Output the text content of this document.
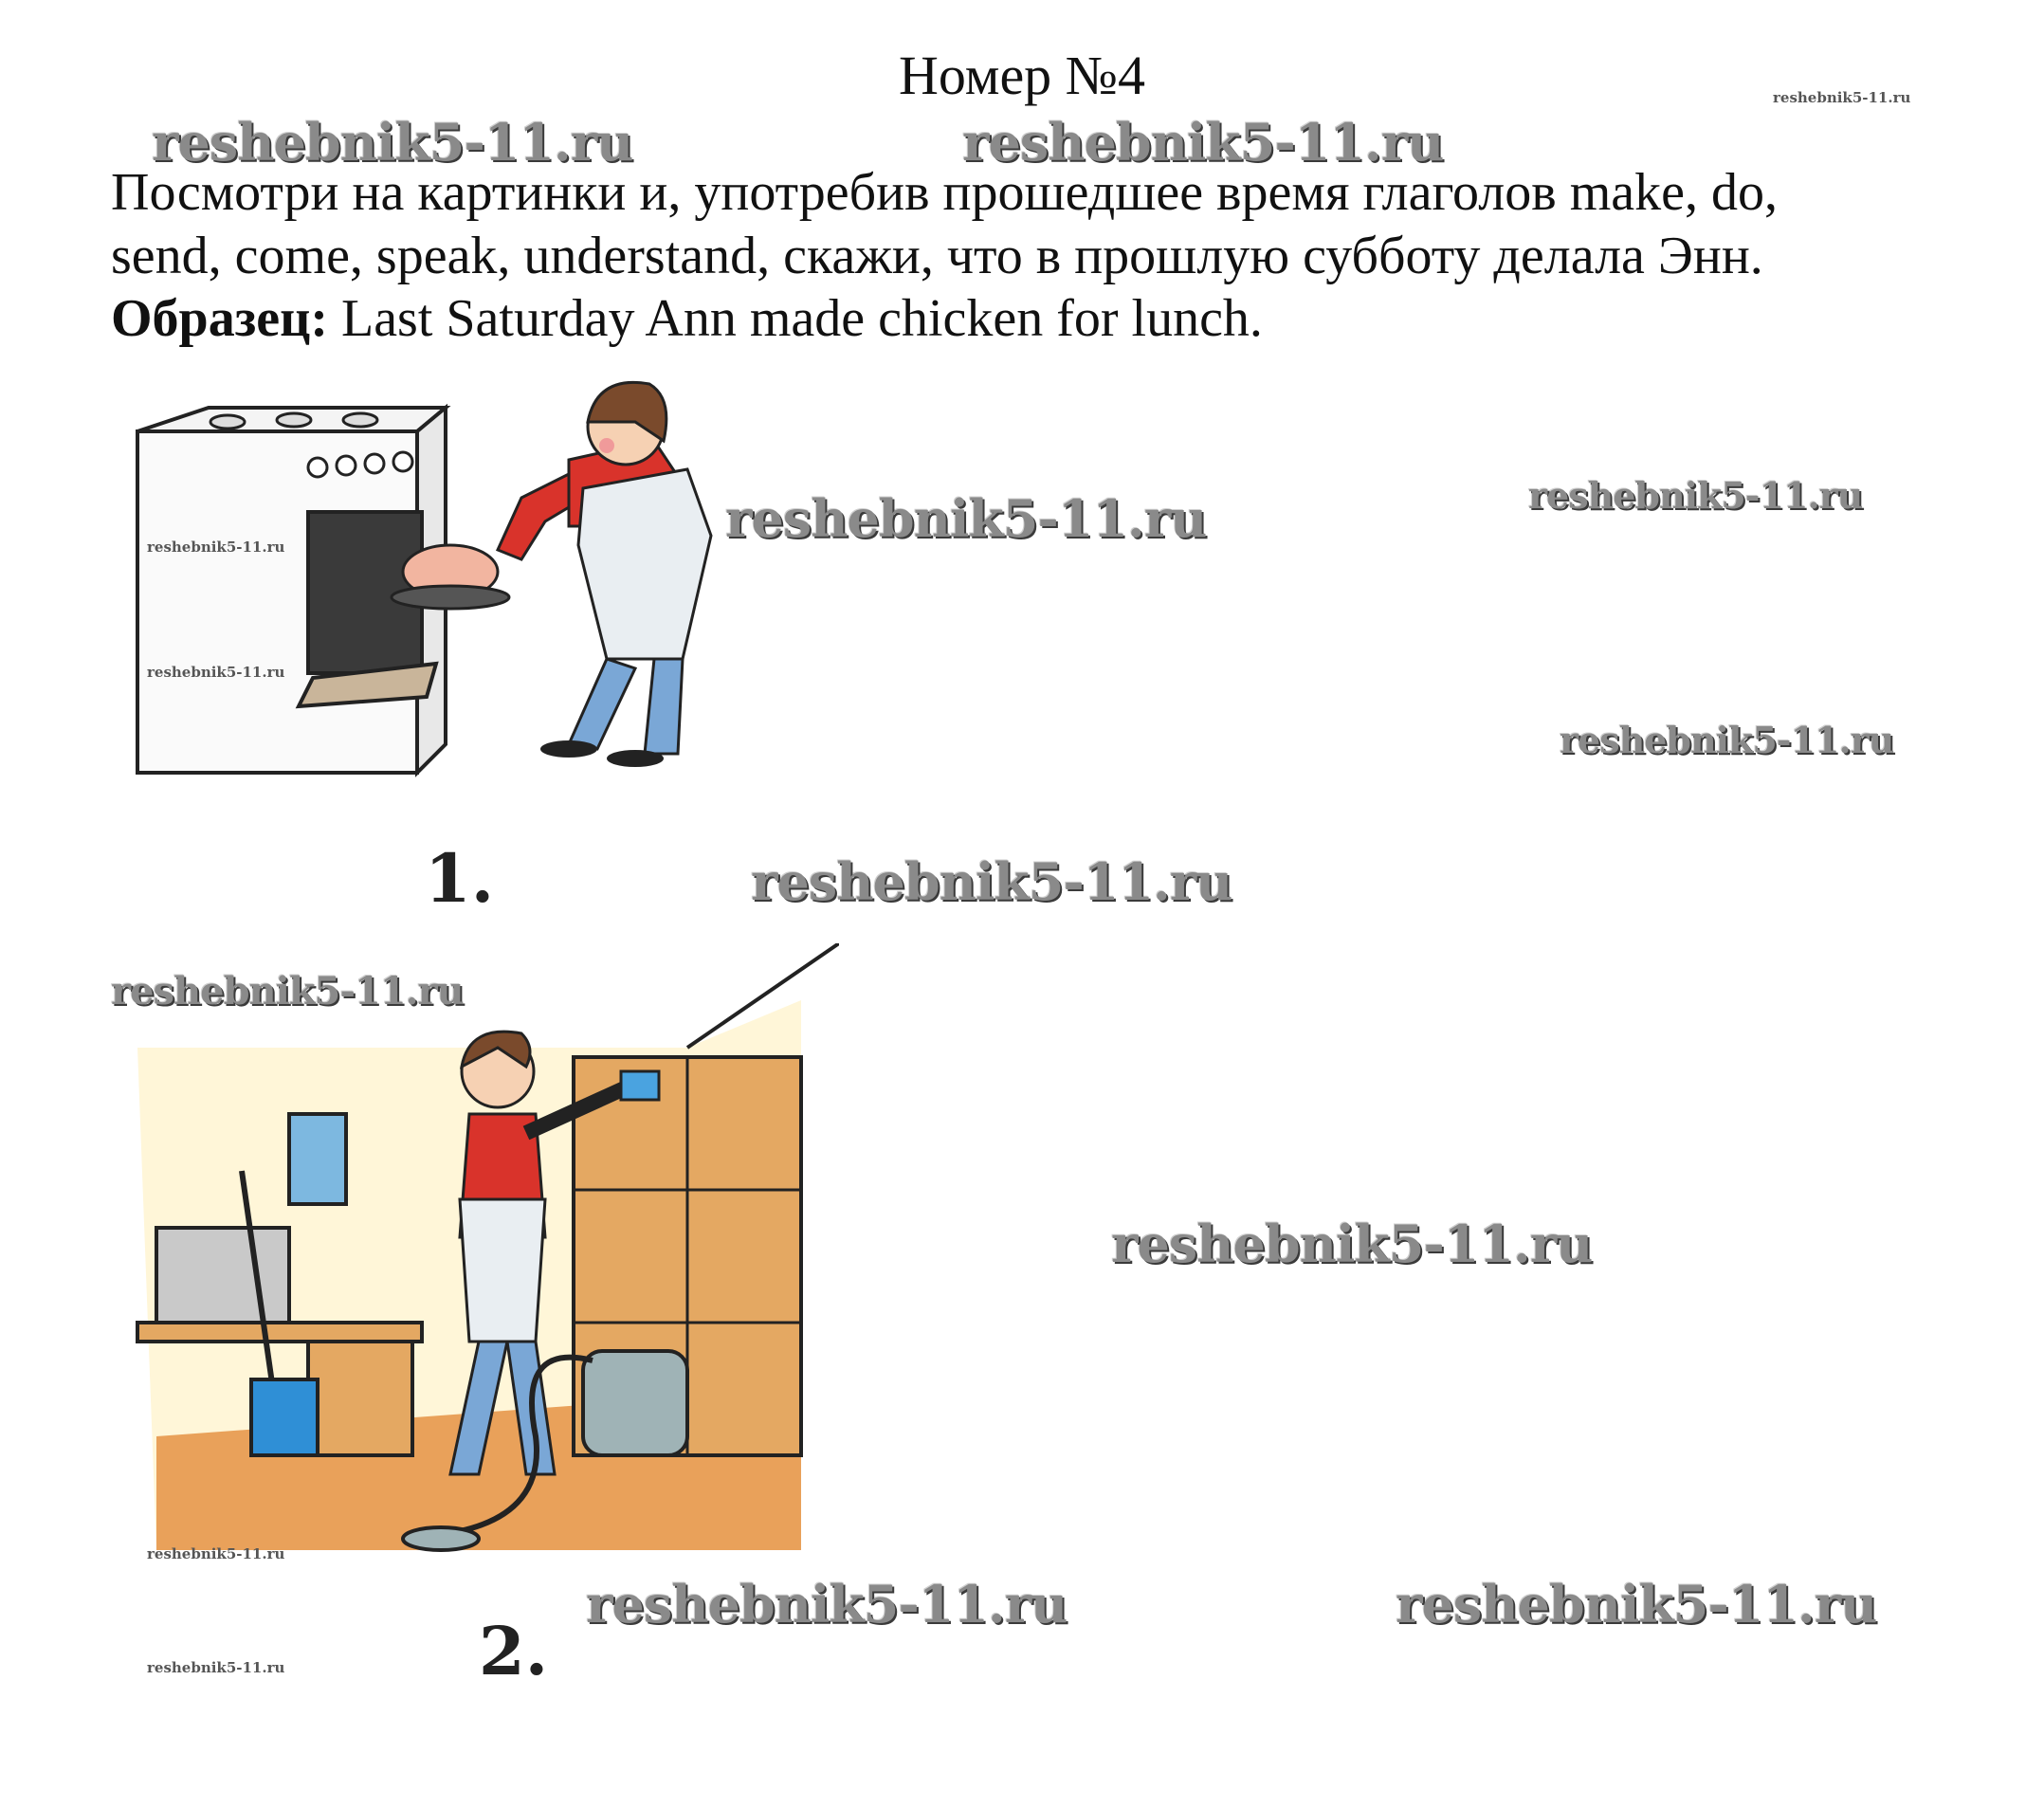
Номер №4
Посмотри на картинки и, употребив прошедшее время глаголов make, do,
send, come, speak, understand, скажи, что в прошлую субботу делала Энн.
Образец: Last Saturday Ann made chicken for lunch.
1.
2.
reshebnik5-11.ru	reshebnik5-11.ru
reshebnik5-11.ru	reshebnik5-11.ru
reshebnik5-11.ru
reshebnik5-11.ru
reshebnik5-11.ru
reshebnik5-11.ru
reshebnik5-11.ru	reshebnik5-11.ru
reshebnik5-11.ru
reshebnik5-11.ru
reshebnik5-11.ru
reshebnik5-11.ru
reshebnik5-11.ru
